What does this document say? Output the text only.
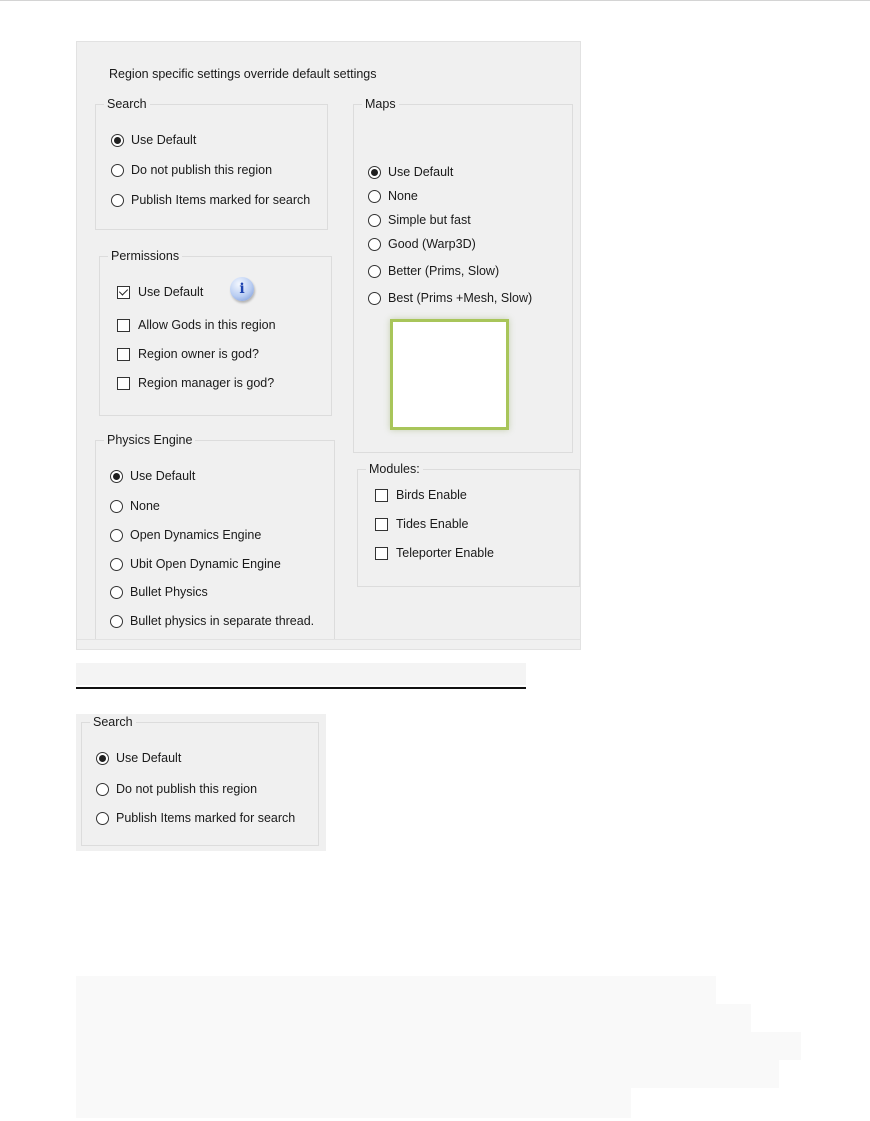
Region specific settings override default settings
Search
Use Default
Do not publish this region
Publish Items marked for search
Permissions
Use Default	i
Allow Gods in this region
Region owner is god?
Region manager is god?
Physics Engine
Use Default
None
Open Dynamics Engine
Ubit Open Dynamic Engine
Bullet Physics
Bullet physics in separate thread.
Maps
Use Default
None
Simple but fast
Good (Warp3D)
Better (Prims, Slow)
Best (Prims +Mesh, Slow)
Modules:
Birds Enable
Tides Enable
Teleporter Enable
Search
Use Default
Do not publish this region
Publish Items marked for search
